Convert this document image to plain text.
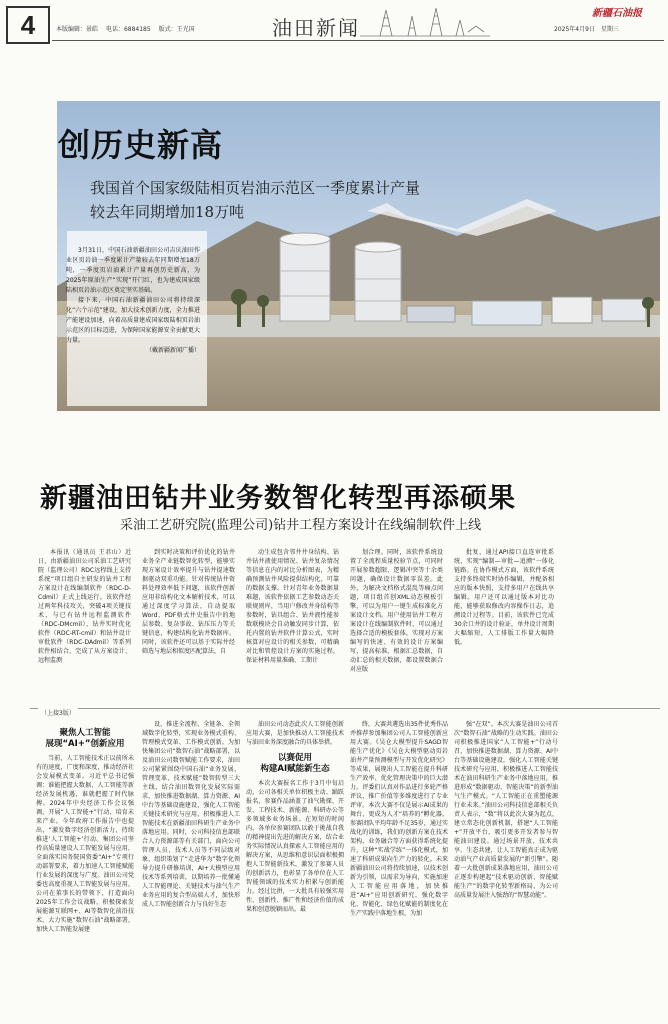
4	本版编辑：景皓 电话：6884185 版式：王光国	油田新闻	2025年4月9日 星期三
新疆石油报
创历史新高
我国首个国家级陆相页岩油示范区一季度累计产量
较去年同期增加18万吨

3月31日，中国石油新疆油田公司吉庆油田作业区页岩油一季度累计产量较去年同期增加18万吨，一季度页岩油累计产量再创历史新高，为2025年原油生产“实现”开门红，也为建成国家级陆相页岩油示范区奠定坚实基础。

接下来，中国石油新疆油田公司将持续深化“六个示范”建设，加大技术创新力度，全力推进产能建设加速，向着高质量建成国家级陆相页岩油示范区的目标迈进，为保障国家能源安全贡献更大力量。

（戴新疆新闻广播）

新疆油田钻井业务数智化转型再添硕果
采油工艺研究院(监理公司)钻井工程方案设计在线编制软件上线

本报讯（通讯员 王君山）近日，由新疆油田公司采油工艺研究院（监理公司）RDC远程线上支持系统“项目组自主研发的钻井工程方案设计在线编制软件（RDC-D-Cdmil）正式上线运行。该软件经过两年科技攻关，突破4项关键技术，与已有钻井远程监测软件（RDC-DMcmil）、钻井实时优化软件（RDC-RT-cmil）和钻井设计审批软件（RDC-DAdmil）等系列软件相结合，完成了从方案设计、远程监测

到实时决策和评价优化的钻井业务全产业链数智化转型，能够实现方案设计效率提升与钻井提速数据驱动双重功能。针对传统钻井资料处理效率低下问题，该软件创新应用非结构化文本解析技术，可以通过深度学习算法，自动提取Word、PDF格式井史报告中的地层参数、复杂事故、钻压压力等关键信息，构建结构化钻井数据库。同时，该软件还可以基于实际井经筛选与地层相似度匹配算法，自

动生成包含邻井井身结构、钻井钻井液使用情况、钻井复杂情况等信息在内的对比分析图表，为精确预测钻井风险提供结构化、可靠的数据支撑。针对青年业务数据量难题，该软件依据工艺参数动态关联规则库，当用户修改井身结构等参数时，钻具组合、钻井液性能参数联模块会自动触发同步计算，依托内置的钻井软件计算公式，实时核算对应设计的相关参数，可精确对比和管控设计方案的实施过程，保证材料用量准确、工期计

划合理。同时，该软件系统设置了全流程质量校验节点，可同时开展参数超限、逻辑冲突等十余类问题，确保设计数据零误差。此外，为解决文档格式混乱等痛点问题，项目组首创XML动态模板引擎，可以为用户一键生成标准化方案设计文档。用户使用钻井工程方案设计在线编制软件时，可以通过选择合适的模板套体，实现对方案编写的快速、有效的设计方案编写，提高标准，根据汇总数据，自动汇总的相关数据，都设置数据合对应版

批复，通过API接口直连审批系统，实现“编制—审批—追溯”一体化链路。在协作模式方面，该软件系统支持多终端实时协作编辑，并配备相应的版本快照，支持多用户在线共享编辑。用户还可以通过版本对比功能，能够获取修改内容操作日志，追溯设计过程等。目前，该软件已完成30余口井的设计验证，单井设计周期大幅缩短，人工排版工作量大幅降低。

（上接3版）
聚焦人工智能
展现“AI+”创新应用

当前，人工智能技术正以前所未有的速度，广度和深度，推动经济社会发展模式变革。习近平总书记强调：谁能把握大数据、人工智能等新经济发展机遇，谁就把握了时代脉搏。2024年中央经济工作会议强调，开展“人工智能+”行动，培育未来产业。今年政府工作报告中也提出，“激发数字经济创新活力，持续推进‘人工智能+’行动。集团公司坚持高质量建设人工智能发展与应用，全面落实国务院国资委“AI+”专项行动部署要求，着力加速人工智能赋能行业发展的深度与广度。油田公司党委也高度重视人工智能发展与应用，公司在董事长的带领下，打造面向2025年工作会议战略，积极探索发展能源互联网+、AI等数智化前沿技术，大力实施“数智石油”战略部署，加快人工智能发展建

设，推进全流程、全链条、全领域数字化转型，实现业务模式重构、管理模式变革、工作模式创新。为加快集团公司“数智石油”战略部署，以及油田公司数智赋能工作要求，油田公司紧紧围绕中国石油“业务发展、管理变革、技术赋能”数智转型三大主线，结合油田数智化发展实际需求，加快推进数据湖、算力资源、AI中台等基础设施建设，强化人工智能关键技术研究与应用，积极推进人工智能技术在新疆油田科研生产业务中落地应用。同时，公司科技信息部联合人力资源部等有关部门，面向公司管理人员、技术人员等不同层级对象，组织策划了“走进华为”数字化领导力提升研修培训，AI+大模型应用技术等系列培训，以期培养一批懂通人工智能理论、关键技术与油气生产业务应用的复合型高端人才，加快形成人工智能创新合力与良好生态

油田公司动态此次人工智能创新应用大赛，是加快推动人工智能技术与油田业务深度融合的具体举措。

以赛促用
构建AI赋能新生态

本次大赛报名工作于3月中旬启动，公司各相关单位积极主动、踊跃报名，参赛作品涵盖了油气勘探、开发、工程技术、新能源、科研办公等多领域多业务场景。在短短的时间内，各单位参赛团队以敢于挑战自我的精神提出先进的解决方案，结合业务实际情况认真探索人工智能应用的解决方案，从思维和意识层面积极拥抱人工智能新技术，激发了参赛人员的创新活力，也彰显了各单位在人工智能领域的技术实力积累与创新能力。经过比拼，一大批具有较强实用性、创新性、推广性和经济价值的成果和创意脱颖而出。最

终，大赛共遴选出35件优秀作品并推荐参加集团公司人工智能创新应用大赛。《吴仓大模型提升SAGD智能生产优化》《吴仓大模型驱动页岩油井产量预测模型与开发优化研究》等成果，展现出人工智能在提升科研生产效率、优化管理决策中的巨大潜力。评委们认真对作品进行多轮严格评议，推广价值等多维度进行了专业评审。本次大赛不仅是展示AI成果的舞台，更成为人才“培养的”孵化器。参赛团队平均年龄不足35岁，通过实战化的训练，我们的创新方案在技术架构、业务融合等方面获得系统化提升，这种“实战学练”一体化模式，加速了科研成果向生产力的转化。未来新疆油田公司将持续加速，以技术创新为引领，以需求为导向，实施加速人工智能应用落地，加快推进“AI+”应用创新研究，强化数字化、智能化、绿色化赋能的制度化在生产实践中落地生根，为加

强“在双”。本次大赛是油田公司首次“数智石油”战略的生动实践。油田公司积极推进国家“人工智能+”行动号召，加快推进数据湖、算力资源、AI中台等基础设施建设，强化人工智能关键技术研究与应用，积极推进人工智能技术在油田科研生产业务中落地应用，推进形成“数据驱动、智能决策”的新型油气生产模式。“人工智能正在重塑能源行业未来。”油田公司科技信息部相关负责人表示，“数”将以此次大赛为起点，建立常态化创新机制，搭建“人工智能+”开放平台，吸引更多开发者参与智能油田建设。通过场景开放、技术共享、生态共建，让人工智能真正成为驱动油气产业高质量发展的“新引擎”。随着一大批创新成果落地应用，油田公司正逐步构建起“技术驱动创新、智能赋能生产”的数字化转型新格局，为公司高质量发展注入强劲的“智慧动能”。
